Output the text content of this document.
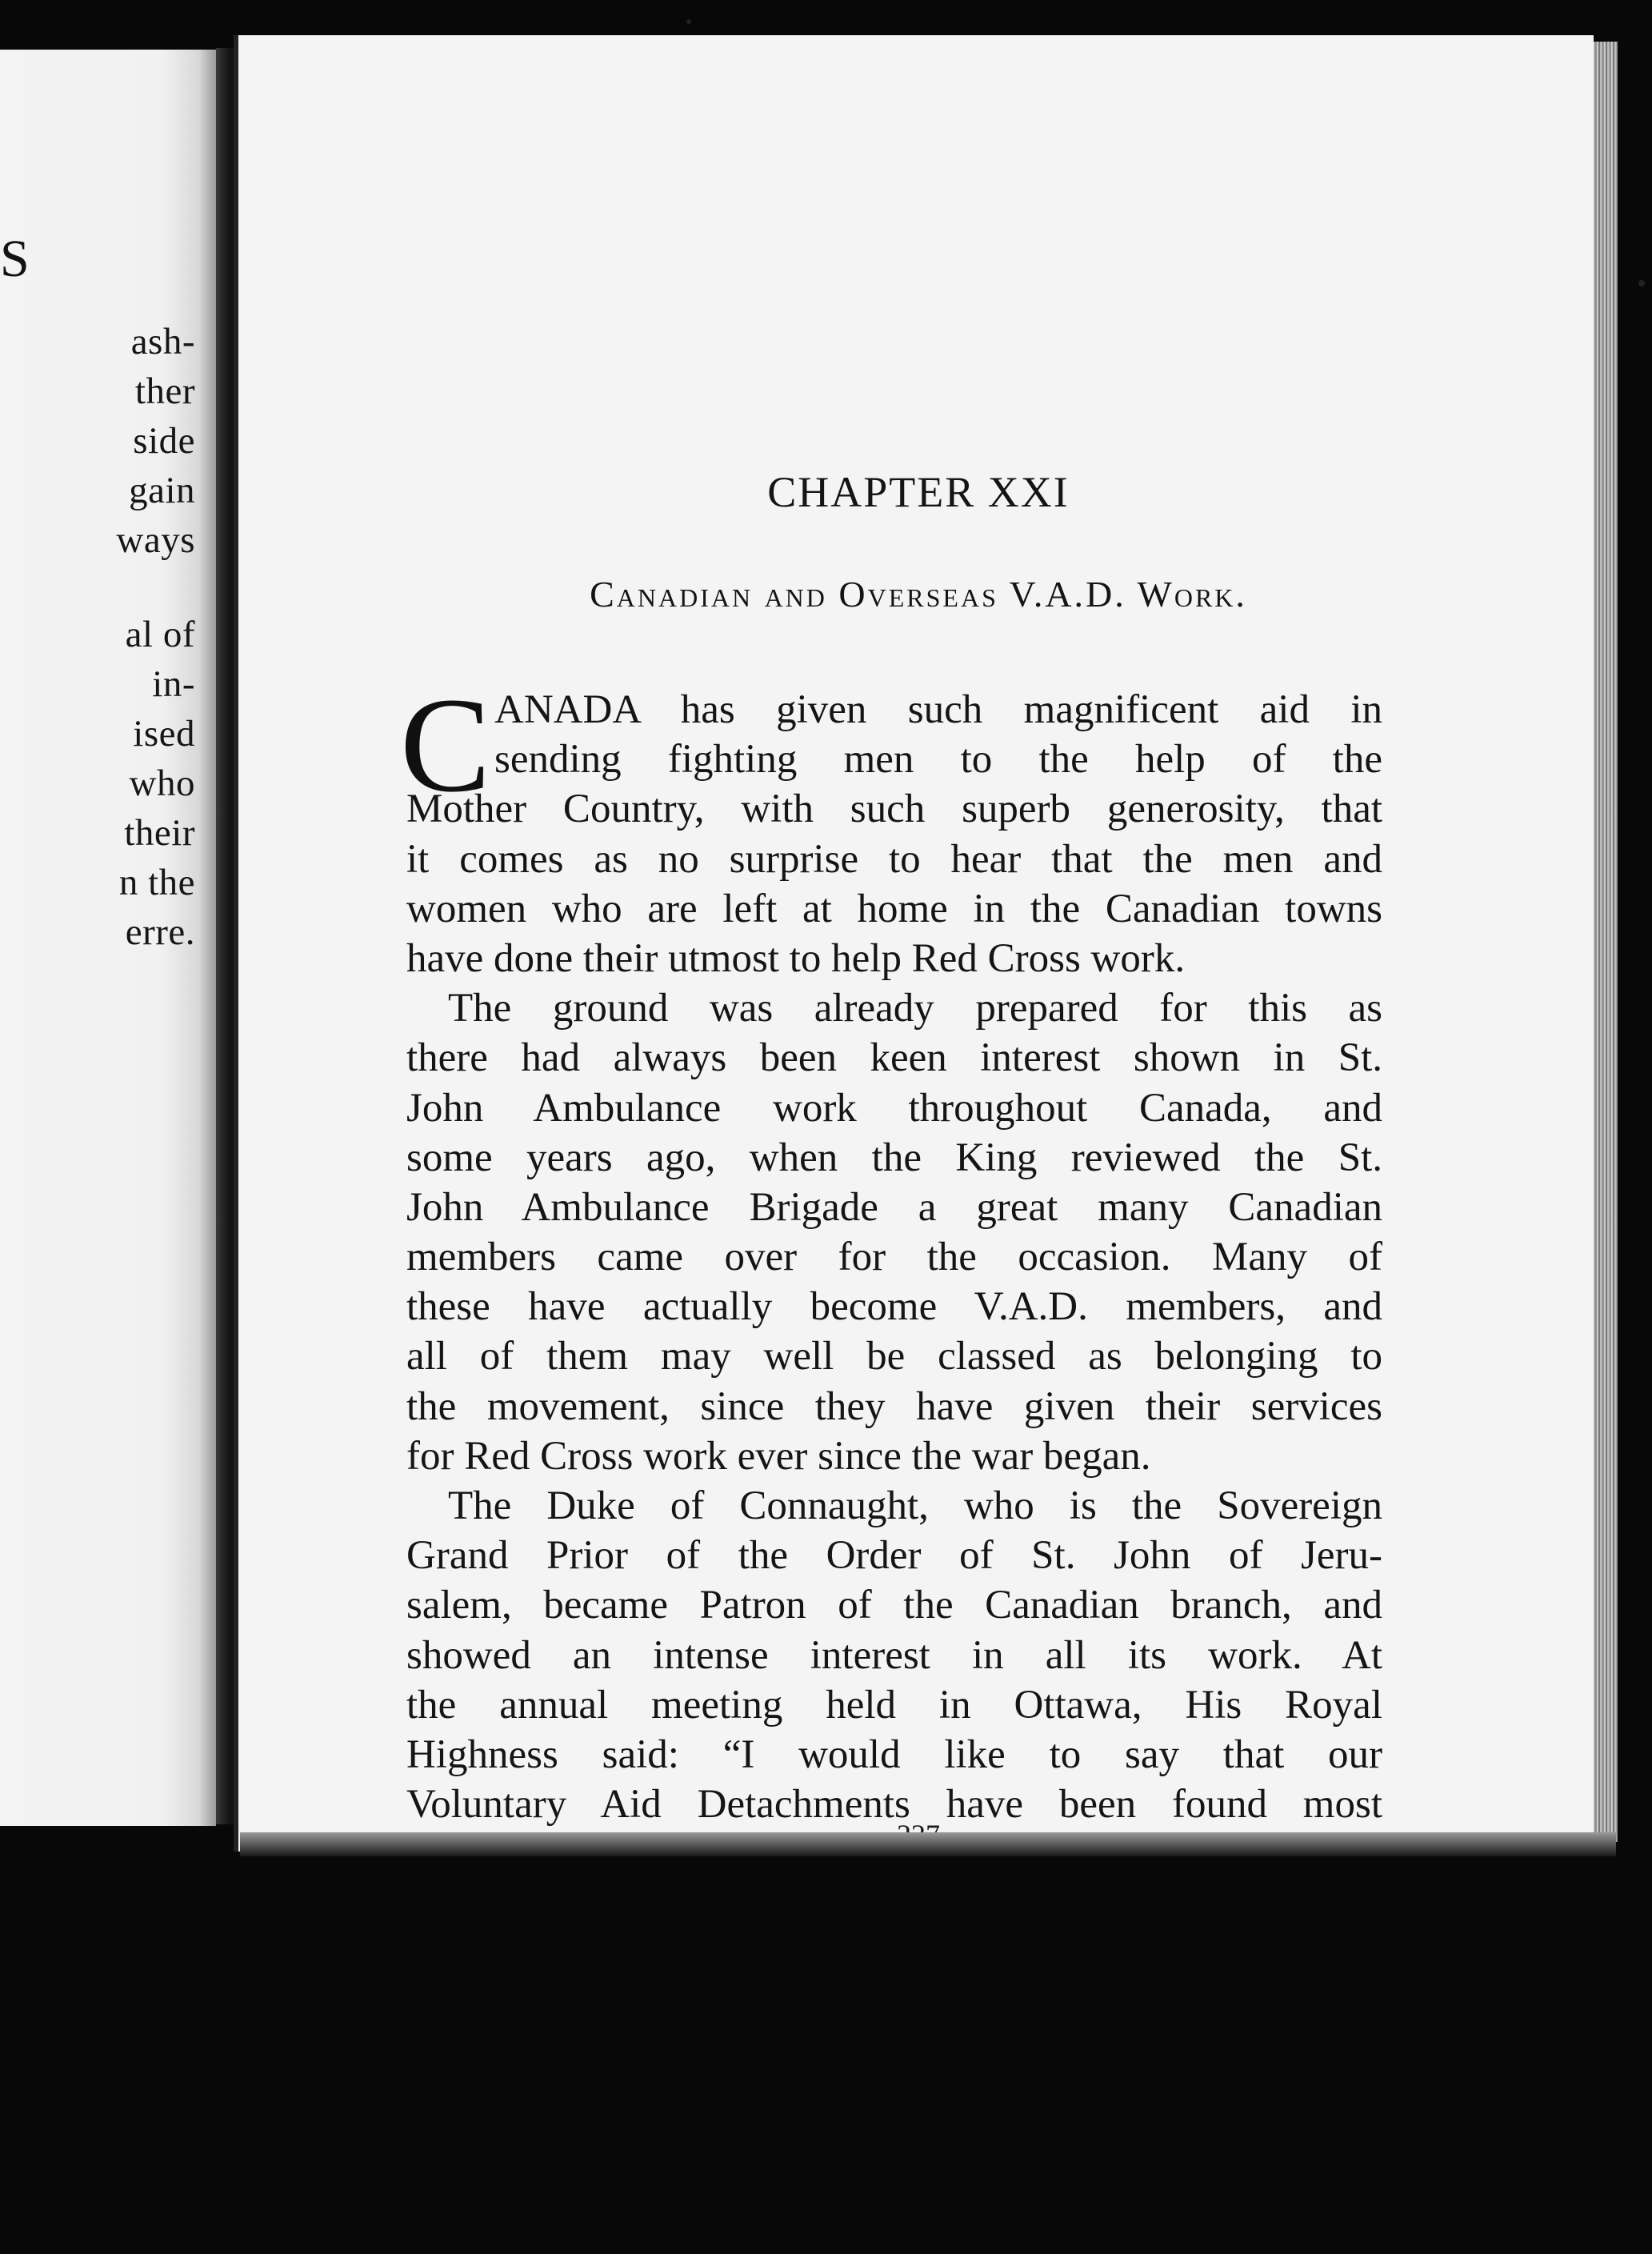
S
ash-
ther
side
gain
ways
al of
in-
ised
who
their
n the
erre.
CHAPTER XXI
Canadian and Overseas V.A.D. Work.
C ANADA has given such magnificent aid in
sending fighting men to the help of the
Mother Country, with such superb generosity, that
it comes as no surprise to hear that the men and
women who are left at home in the Canadian towns
have done their utmost to help Red Cross work.
The ground was already prepared for this as
there had always been keen interest shown in St.
John Ambulance work throughout Canada, and
some years ago, when the King reviewed the St.
John Ambulance Brigade a great many Canadian
members came over for the occasion. Many of
these have actually become V.A.D. members, and
all of them may well be classed as belonging to
the movement, since they have given their services
for Red Cross work ever since the war began.
The Duke of Connaught, who is the Sovereign
Grand Prior of the Order of St. John of Jeru-
salem, became Patron of the Canadian branch, and
showed an intense interest in all its work. At
the annual meeting held in Ottawa, His Royal
Highness said: “I would like to say that our
Voluntary Aid Detachments have been found most
